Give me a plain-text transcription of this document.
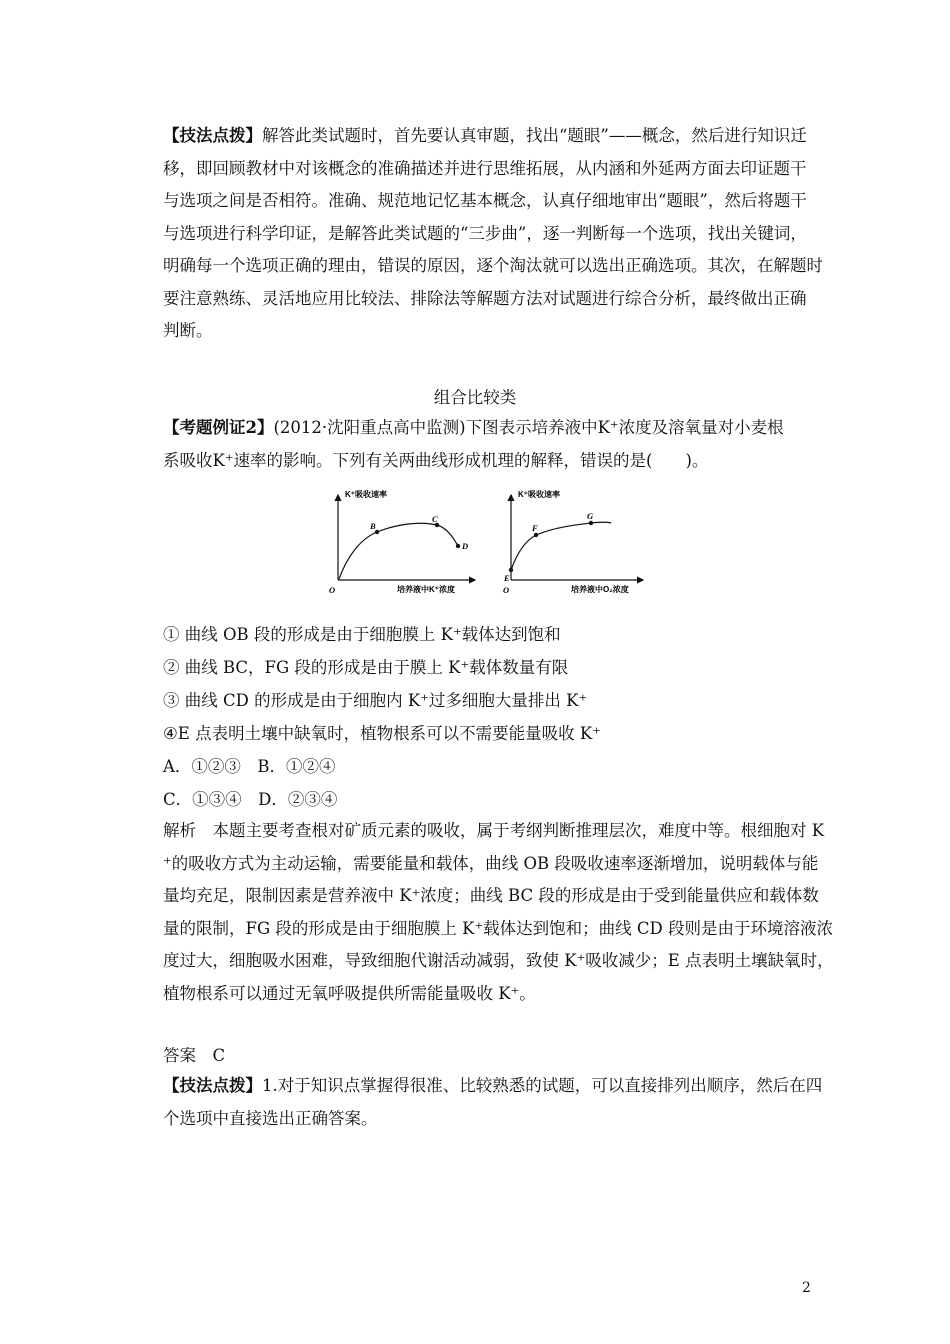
【技法点拨】解答此类试题时，首先要认真审题，找出“题眼”——概念，然后进行知识迁
移，即回顾教材中对该概念的准确描述并进行思维拓展，从内涵和外延两方面去印证题干
与选项之间是否相符。准确、规范地记忆基本概念，认真仔细地审出“题眼”，然后将题干
与选项进行科学印证，是解答此类试题的“三步曲”，逐一判断每一个选项，找出关键词，
明确每一个选项正确的理由，错误的原因，逐个淘汰就可以选出正确选项。其次，在解题时
要注意熟练、灵活地应用比较法、排除法等解题方法对试题进行综合分析，最终做出正确
判断。
组合比较类
【考题例证2】(2012·沈阳重点高中监测)下图表示培养液中K⁺浓度及溶氧量对小麦根
系吸收K⁺速率的影响。下列有关两曲线形成机理的解释，错误的是(　　)。
K⁺吸收速率
培养液中K⁺浓度
O
B
C
D
K⁺吸收速率
培养液中O₂浓度
O
E
F
G
① 曲线 OB 段的形成是由于细胞膜上 K⁺载体达到饱和
② 曲线 BC，FG 段的形成是由于膜上 K⁺载体数量有限
③ 曲线 CD 的形成是由于细胞内 K⁺过多细胞大量排出 K⁺
④E 点表明土壤中缺氧时，植物根系可以不需要能量吸收 K⁺
A．①②③　B．①②④
C．①③④　D．②③④
解析　本题主要考查根对矿质元素的吸收，属于考纲判断推理层次，难度中等。根细胞对 K
⁺的吸收方式为主动运输，需要能量和载体，曲线 OB 段吸收速率逐渐增加，说明载体与能
量均充足，限制因素是营养液中 K⁺浓度；曲线 BC 段的形成是由于受到能量供应和载体数
量的限制，FG 段的形成是由于细胞膜上 K⁺载体达到饱和；曲线 CD 段则是由于环境溶液浓
度过大，细胞吸水困难，导致细胞代谢活动减弱，致使 K⁺吸收减少；E 点表明土壤缺氧时，
植物根系可以通过无氧呼吸提供所需能量吸收 K⁺。
答案　C
【技法点拨】1.对于知识点掌握得很准、比较熟悉的试题，可以直接排列出顺序，然后在四
个选项中直接选出正确答案。
2
